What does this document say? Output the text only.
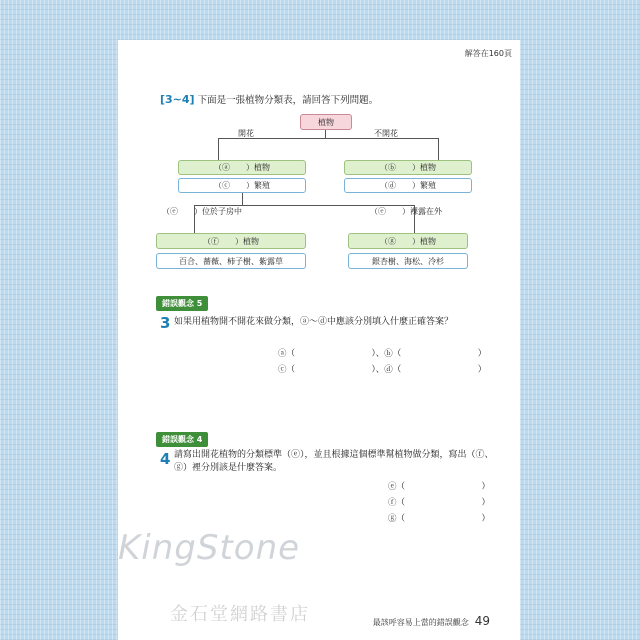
解答在160頁
[3~4] 下面是一張植物分類表，請回答下列問題。
植物
開花	不開花
（ⓐ　　）植物
（ⓒ　　）繁殖
（ⓑ　　）植物
（ⓓ　　）繁殖
（ⓔ　　）位於子房中	（ⓔ　　）裸露在外
（ⓕ　　）植物
百合、薔薇、柿子樹、紫露草
（ⓖ　　）植物
銀杏樹、海松、冷杉
錯誤觀念 5
3 如果用植物開不開花來做分類，ⓐ～ⓓ中應該分別填入什麼正確答案？
ⓐ（　　　　　　　　　）、ⓑ（　　　　　　　　　）
ⓒ（　　　　　　　　　）、ⓓ（　　　　　　　　　）
錯誤觀念 4
4 請寫出開花植物的分類標準（ⓔ），並且根據這個標準幫植物做分類，寫出（ⓕ、ⓖ）裡分別該是什麼答案。
ⓔ（　　　　　　　　　）
ⓕ（　　　　　　　　　）
ⓖ（　　　　　　　　　）
最該呼容易上當的錯誤觀念 49
KingStone
金石堂網路書店
